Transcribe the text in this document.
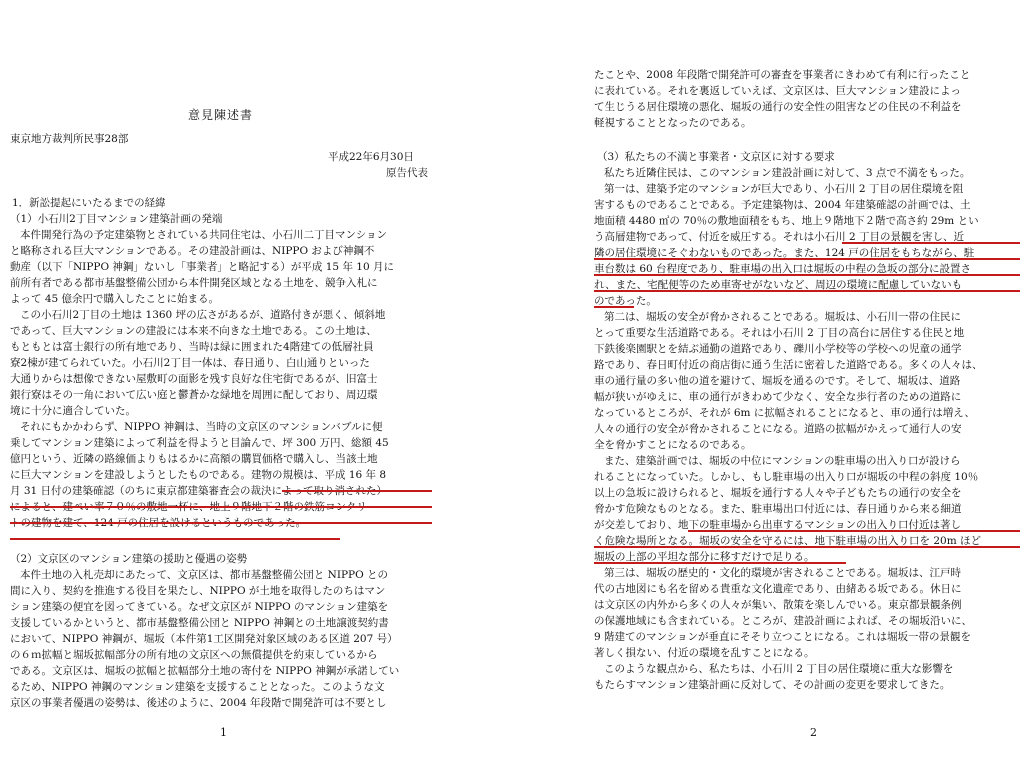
意見陳述書
東京地方裁判所民事28部
平成22年6月30日
原告代表
1．新訟提起にいたるまでの経緯
（1）小石川2丁目マンション建築計画の発端
本件開発行為の予定建築物とされている共同住宅は、小石川二丁目マンション
と略称される巨大マンションである。その建設計画は、NIPPO および神鋼不
動産（以下「NIPPO 神鋼」ないし「事業者」と略記する）が平成 15 年 10 月に
前所有者である都市基盤整備公団から本件開発区域となる土地を、競争入札に
よって 45 億余円で購入したことに始まる。
この小石川2丁目の土地は 1360 坪の広さがあるが、道路付きが悪く、傾斜地
であって、巨大マンションの建設には本来不向きな土地である。この土地は、
もともとは富士銀行の所有地であり、当時は緑に囲まれた4階建ての低層社員
寮2棟が建てられていた。小石川2丁目一体は、春日通り、白山通りといった
大通りからは想像できない屋敷町の面影を残す良好な住宅街であるが、旧富士
銀行寮はその一角において広い庭と鬱蒼かな緑地を周囲に配しており、周辺環
境に十分に適合していた。
それにもかかわらず、NIPPO 神鋼は、当時の文京区のマンションバブルに便
乗してマンション建築によって利益を得ようと目論んで、坪 300 万円、総額 45
億円という、近隣の路線価よりもはるかに高額の購買価格で購入し、当該土地
に巨大マンションを建設しようとしたものである。建物の規模は、平成 16 年 8
月 31 日付の建築確認（のちに東京都建築審査会の裁決によって取り消された）
によると、建ぺい率７０％の敷地一杯に、地上９階地下２階の鉄筋コンクリー
トの建物を建て、124 戸の住居を設けるというものであった。
（2）文京区のマンション建築の援助と優遇の姿勢
本件土地の入札売却にあたって、文京区は、都市基盤整備公団と NIPPO との
間に入り、契約を推進する役目を果たし、NIPPO が土地を取得したのちはマン
ション建築の便宜を図ってきている。なぜ文京区が NIPPO のマンション建築を
支援しているかというと、都市基盤整備公団と NIPPO 神鋼との土地譲渡契約書
において、NIPPO 神鋼が、堀坂（本件第1工区開発対象区域のある区道 207 号）
の６ｍ拡幅と堀坂拡幅部分の所有地の文京区への無償提供を約束しているから
である。文京区は、堀坂の拡幅と拡幅部分土地の寄付を NIPPO 神鋼が承諾してい
るため、NIPPO 神鋼のマンション建築を支援することとなった。このような文
京区の事業者優遇の姿勢は、後述のように、2004 年段階で開発許可は不要とし
1
たことや、2008 年段階で開発許可の審査を事業者にきわめて有利に行ったこと
に表れている。それを裏返していえば、文京区は、巨大マンション建設によっ
て生じうる居住環境の悪化、堀坂の通行の安全性の阻害などの住民の不利益を
軽視することとなったのである。
（3）私たちの不満と事業者・文京区に対する要求
私たち近隣住民は、このマンション建設計画に対して、3 点で不満をもった。
第一は、建築予定のマンションが巨大であり、小石川 2 丁目の居住環境を阻
害するものであることである。予定建築物は、2004 年建築確認の計画では、土
地面積 4480 ㎡の 70％の敷地面積をもち、地上９階地下２階で高さ約 29m とい
う高層建物であって、付近を威圧する。それは小石川 2 丁目の景観を害し、近
隣の居住環境にそぐわないものであった。また、124 戸の住居をもちながら、駐
車台数は 60 台程度であり、駐車場の出入口は堀坂の中程の急坂の部分に設置さ
れ、また、宅配便等のため車寄せがないなど、周辺の環境に配慮していないも
のであった。
第二は、堀坂の安全が脅かされることである。堀坂は、小石川一帯の住民に
とって重要な生活道路である。それは小石川 2 丁目の高台に居住する住民と地
下鉄後楽園駅とを結ぶ通勤の道路であり、礫川小学校等の学校への児童の通学
路であり、春日町付近の商店街に通う生活に密着した道路である。多くの人々は、
車の通行量の多い他の道を避けて、堀坂を通るのです。そして、堀坂は、道路
幅が狭いがゆえに、車の通行がきわめて少なく、安全な歩行者のための道路に
なっているところが、それが 6m に拡幅されることになると、車の通行は増え、
人々の通行の安全が脅かされることになる。道路の拡幅がかえって通行人の安
全を脅かすことになるのである。
また、建築計画では、堀坂の中位にマンションの駐車場の出入り口が設けら
れることになっていた。しかし、もし駐車場の出入り口が堀坂の中程の斜度 10％
以上の急坂に設けられると、堀坂を通行する人々や子どもたちの通行の安全を
脅かす危険なものとなる。また、駐車場出口付近には、春日通りから来る細道
が交差しており、地下の駐車場から出車するマンションの出入り口付近は著し
く危険な場所となる。堀坂の安全を守るには、地下駐車場の出入り口を 20m ほど
堀坂の上部の平坦な部分に移すだけで足りる。
第三は、堀坂の歴史的・文化的環境が害されることである。堀坂は、江戸時
代の古地図にも名を留める貴重な文化遺産であり、由緒ある坂である。休日に
は文京区の内外から多くの人々が集い、散策を楽しんでいる。東京都景観条例
の保護地域にも含まれている。ところが、建設計画によれば、その堀坂沿いに、
9 階建てのマンションが垂直にそそり立つことになる。これは堀坂一帯の景観を
著しく損ない、付近の環境を乱すことになる。
このような観点から、私たちは、小石川 2 丁目の居住環境に重大な影響を
もたらすマンション建築計画に反対して、その計画の変更を要求してきた。
2
